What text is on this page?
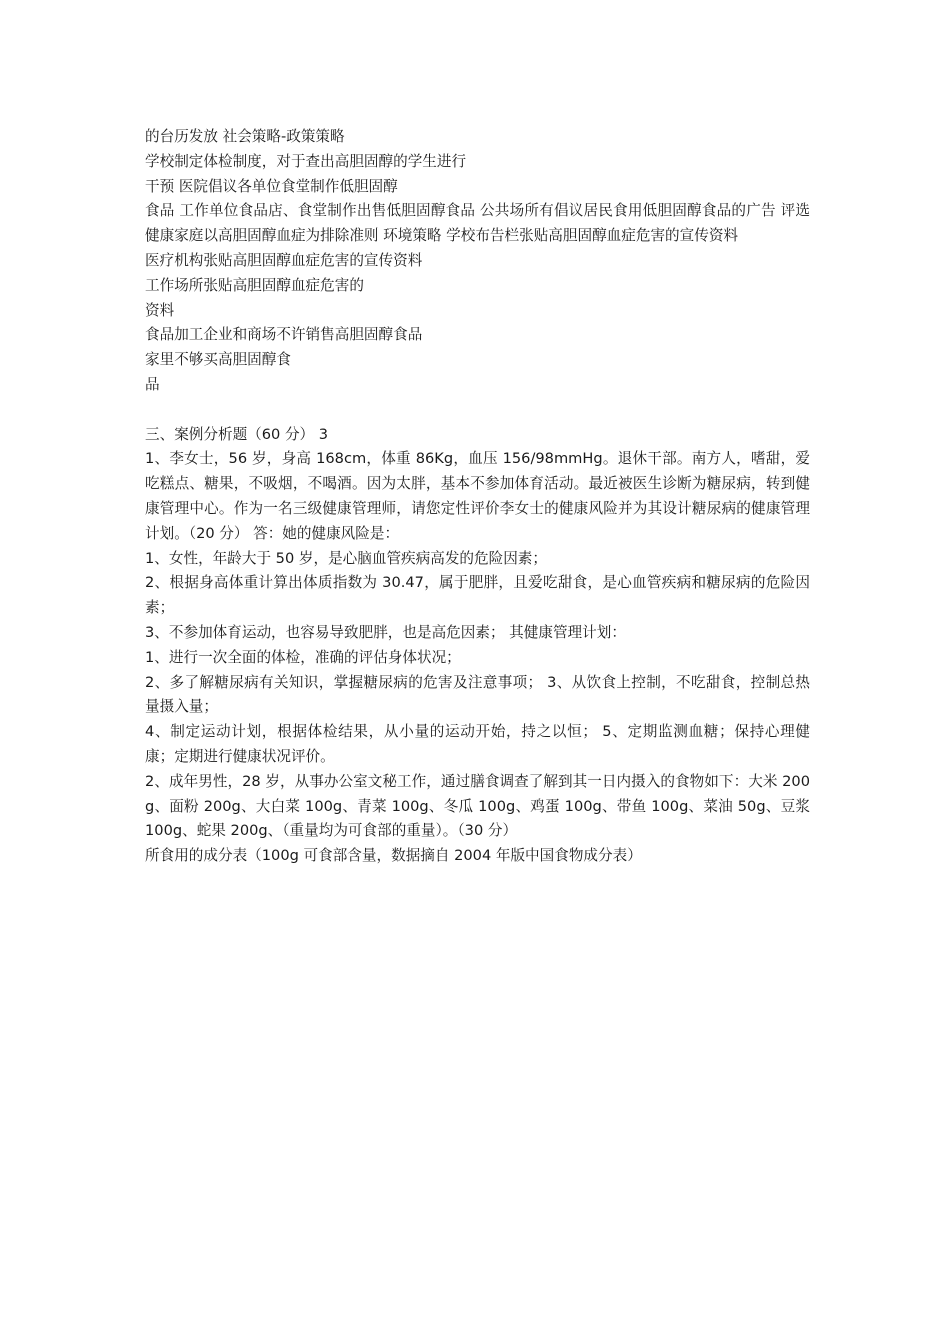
的台历发放 社会策略-政策策略
学校制定体检制度，对于查出高胆固醇的学生进行
干预 医院倡议各单位食堂制作低胆固醇
食品 工作单位食品店、食堂制作出售低胆固醇食品 公共场所有倡议居民食用低胆固醇食品的广告 评选健康家庭以高胆固醇血症为排除准则 环境策略 学校布告栏张贴高胆固醇血症危害的宣传资料
医疗机构张贴高胆固醇血症危害的宣传资料
工作场所张贴高胆固醇血症危害的
资料
食品加工企业和商场不许销售高胆固醇食品
家里不够买高胆固醇食
品
三、案例分析题（60 分） 3
1、李女士，56 岁，身高 168cm，体重 86Kg，血压 156/98mmHg。退休干部。南方人，嗜甜，爱吃糕点、糖果，不吸烟，不喝酒。因为太胖，基本不参加体育活动。最近被医生诊断为糖尿病，转到健康管理中心。作为一名三级健康管理师，请您定性评价李女士的健康风险并为其设计糖尿病的健康管理计划。（20 分） 答：她的健康风险是：
1、女性，年龄大于 50 岁，是心脑血管疾病高发的危险因素；
2、根据身高体重计算出体质指数为 30.47，属于肥胖，且爱吃甜食，是心血管疾病和糖尿病的危险因素；
3、不参加体育运动，也容易导致肥胖，也是高危因素； 其健康管理计划：
1、进行一次全面的体检，准确的评估身体状况；
2、多了解糖尿病有关知识，掌握糖尿病的危害及注意事项； 3、从饮食上控制，不吃甜食，控制总热量摄入量；
4、制定运动计划，根据体检结果，从小量的运动开始，持之以恒； 5、定期监测血糖；保持心理健康；定期进行健康状况评价。
2、成年男性，28 岁，从事办公室文秘工作，通过膳食调查了解到其一日内摄入的食物如下：大米 200g、面粉 200g、大白菜 100g、青菜 100g、冬瓜 100g、鸡蛋 100g、带鱼 100g、菜油 50g、豆浆 100g、蛇果 200g、（重量均为可食部的重量）。（30 分）
所食用的成分表（100g 可食部含量，数据摘自 2004 年版中国食物成分表）
